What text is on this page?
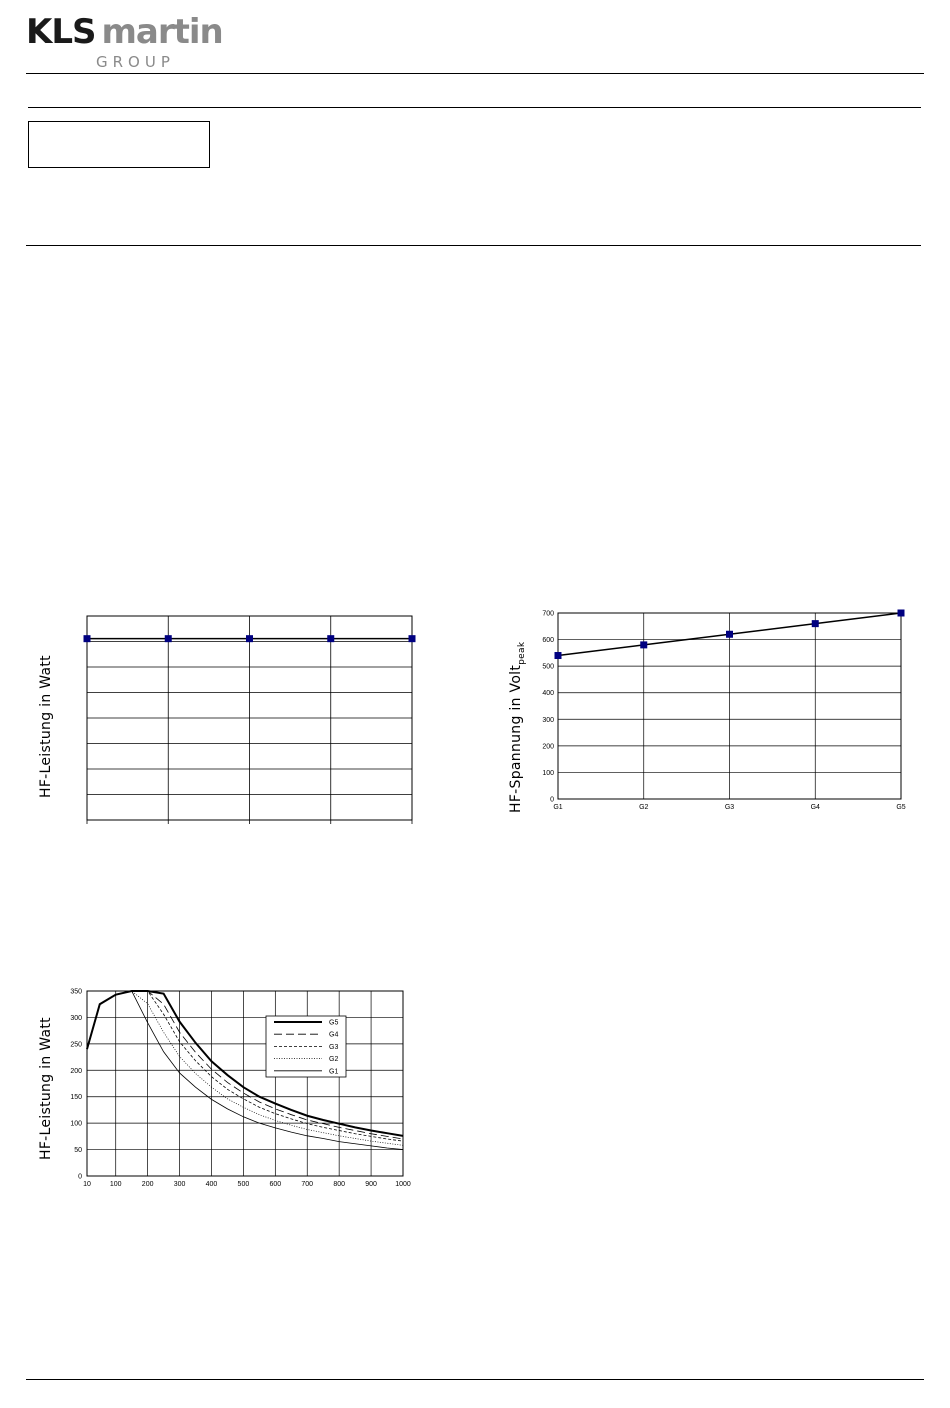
KLS martin
GROUP
HF-Leistung in Watt	HF-Spannung in Volt$_{peak}$
0
100
200
300
400
500
600
700
G1	G2	G3	G4	G5
HF-Leistung in Watt
0
50
100
150
200
250
300
350
10	100	200	300	400	500	600	700	800	900	1000
G5
G4
G3
G2
G1
